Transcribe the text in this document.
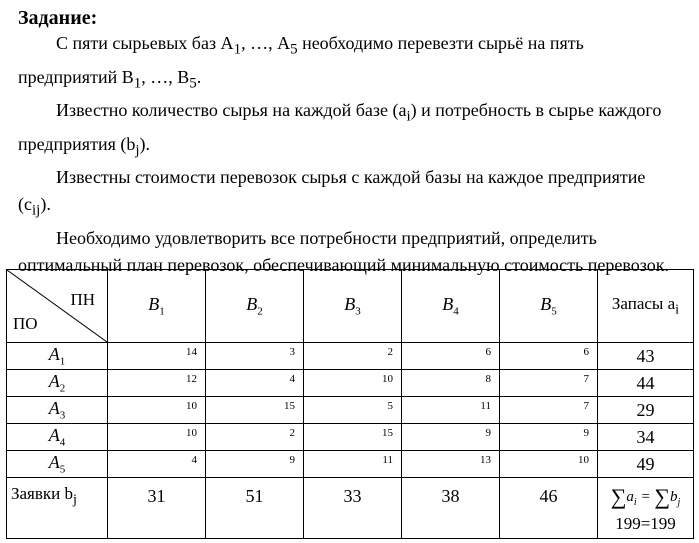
Задание:

С пяти сырьевых баз $А_1$, …, $А_5$ необходимо перевезти сырьё на пять предприятий $В_1$, …, $В_5$.

Известно количество сырья на каждой базе $(a_i)$ и потребность в сырье каждого предприятия $(b_j)$.

Известны стоимости перевозок сырья с каждой базы на каждое предприятие $(c_{ij})$.

Необходимо удовлетворить все потребности предприятий, определить оптимальный план перевозок, обеспечивающий минимальную стоимость перевозок.

ПН
ПО	$B_1$	$B_2$	$B_3$	$B_4$	$B_5$	Запасы $a_i$
$A_1$	14	3	2	6	6	43
$A_2$	12	4	10	8	7	44
$A_3$	10	15	5	11	7	29
$A_4$	10	2	15	9	9	34
$A_5$	4	9	11	13	10	49

Заявки $b_j$	31	51	33	38	46	$\sum a_i = \sum b_j$
199=199
